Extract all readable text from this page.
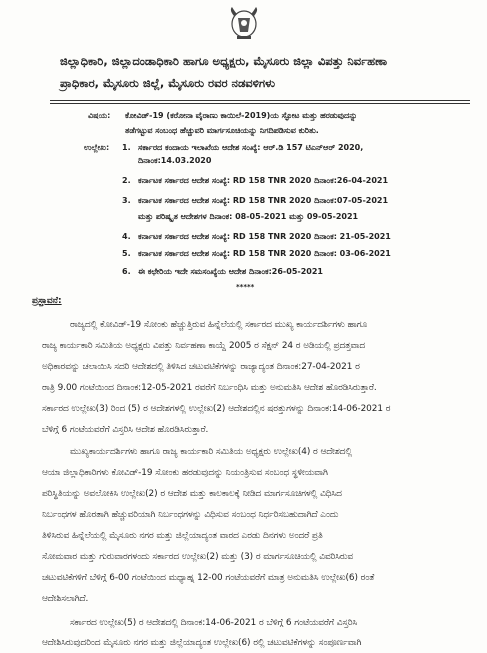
ಜಿಲ್ಲಾಧಿಕಾರಿ, ಜಿಲ್ಲಾದಂಡಾಧಿಕಾರಿ ಹಾಗೂ ಅಧ್ಯಕ್ಷರು, ಮೈಸೂರು ಜಿಲ್ಲಾ ವಿಪತ್ತು ನಿರ್ವಹಣಾ
ಪ್ರಾಧಿಕಾರ, ಮೈಸೂರು ಜಿಲ್ಲೆ, ಮೈಸೂರು ರವರ ನಡವಳಿಗಳು
ವಿಷಯ: ಕೋವಿಡ್-19 (ಕರೋನಾ ವೈರಾಣು ಕಾಯಿಲೆ-2019)ಯ ಸ್ಫೋಟ ಮತ್ತು ಹರಡುವುದನ್ನು
ತಡೆಗಟ್ಟುವ ಸಂಬಂಧ ಹೆಚ್ಚುವರಿ ಮಾರ್ಗಸೂಚಿಯನ್ನು ನಿಗದಿಪಡಿಸುವ ಕುರಿತು.
ಉಲ್ಲೇಖ: 1. ಸರ್ಕಾರದ ಕಂದಾಯ ಇಲಾಖೆಯ ಆದೇಶ ಸಂಖ್ಯೆ: ಆರ್.ಡಿ 157 ಟಿಎನ್ಆರ್ 2020,
ದಿನಾಂಕ:14.03.2020
2. ಕರ್ನಾಟಕ ಸರ್ಕಾರದ ಆದೇಶ ಸಂಖ್ಯೆ: RD 158 TNR 2020 ದಿನಾಂಕ:26-04-2021
3. ಕರ್ನಾಟಕ ಸರ್ಕಾರದ ಆದೇಶ ಸಂಖ್ಯೆ: RD 158 TNR 2020 ದಿನಾಂಕ:07-05-2021
ಮತ್ತು ಪರಿಷ್ಕೃತ ಆದೇಶಗಳ ದಿನಾಂಕ: 08-05-2021 ಮತ್ತು 09-05-2021
4. ಕರ್ನಾಟಕ ಸರ್ಕಾರದ ಆದೇಶ ಸಂಖ್ಯೆ: RD 158 TNR 2020 ದಿನಾಂಕ: 21-05-2021
5. ಕರ್ನಾಟಕ ಸರ್ಕಾರದ ಆದೇಶ ಸಂಖ್ಯೆ: RD 158 TNR 2020 ದಿನಾಂಕ: 03-06-2021
6. ಈ ಕಛೇರಿಯ ಇದೇ ಸಮಸಂಖ್ಯೆಯ ಆದೇಶ ದಿನಾಂಕ:26-05-2021
*****
ಪ್ರಸ್ತಾವನೆ:
ರಾಜ್ಯದಲ್ಲಿ ಕೋವಿಡ್-19 ಸೋಂಕು ಹೆಚ್ಚುತ್ತಿರುವ ಹಿನ್ನೆಲೆಯಲ್ಲಿ ಸರ್ಕಾರದ ಮುಖ್ಯ ಕಾರ್ಯದರ್ಶಿಗಳು ಹಾಗೂ
ರಾಜ್ಯ ಕಾರ್ಯಕಾರಿ ಸಮಿತಿಯ ಅಧ್ಯಕ್ಷರು ವಿಪತ್ತು ನಿರ್ವಹಣಾ ಕಾಯ್ದೆ 2005 ರ ಸೆಕ್ಷನ್ 24 ರ ಅಡಿಯಲ್ಲಿ ಪ್ರದತ್ತವಾದ
ಅಧಿಕಾರವನ್ನು ಚಲಾಯಿಸಿ ಸದರಿ ಆದೇಶದಲ್ಲಿ ತಿಳಿಸಿದ ಚಟುವಟಿಕೆಗಳನ್ನು ರಾಜ್ಯಾದ್ಯಂತ ದಿನಾಂಕ:27-04-2021 ರ
ರಾತ್ರಿ 9.00 ಗಂಟೆಯಿಂದ ದಿನಾಂಕ:12-05-2021 ರವರೆಗೆ ನಿರ್ಬಂಧಿಸಿ ಮತ್ತು ಅನುಮತಿಸಿ ಆದೇಶ ಹೊರಡಿಸಿರುತ್ತಾರೆ.
ಸರ್ಕಾರದ ಉಲ್ಲೇಖ(3) ರಿಂದ (5) ರ ಆದೇಶಗಳಲ್ಲಿ ಉಲ್ಲೇಖ(2) ಆದೇಶದಲ್ಲಿನ ಷರತ್ತುಗಳನ್ನು ದಿನಾಂಕ:14-06-2021 ರ
ಬೆಳಿಗ್ಗೆ 6 ಗಂಟೆಯವರೆಗೆ ವಿಸ್ತರಿಸಿ ಆದೇಶ ಹೊರಡಿಸಿರುತ್ತಾರೆ.
ಮುಖ್ಯಕಾರ್ಯದರ್ಶಿಗಳು ಹಾಗೂ ರಾಜ್ಯ ಕಾರ್ಯಕಾರಿ ಸಮಿತಿಯ ಅಧ್ಯಕ್ಷರು ಉಲ್ಲೇಖ(4) ರ ಆದೇಶದಲ್ಲಿ
ಆಯಾ ಜಿಲ್ಲಾಧಿಕಾರಿಗಳು ಕೋವಿಡ್-19 ಸೋಂಕು ಹರಡುವುದನ್ನು ನಿಯಂತ್ರಿಸುವ ಸಂಬಂಧ ಸ್ಥಳೀಯವಾಗಿ
ಪರಿಸ್ಥಿತಿಯನ್ನು ಅವಲೋಕಿಸಿ ಉಲ್ಲೇಖ(2) ರ ಆದೇಶ ಮತ್ತು ಕಾಲಕಾಲಕ್ಕೆ ನೀಡಿದ ಮಾರ್ಗಸೂಚಿಗಳಲ್ಲಿ ವಿಧಿಸಿದ
ನಿರ್ಬಂಧಗಳ ಹೊರತಾಗಿ ಹೆಚ್ಚುವರಿಯಾಗಿ ನಿರ್ಬಂಧಗಳನ್ನು ವಿಧಿಸುವ ಸಂಬಂಧ ನಿರ್ಧರಿಸಬಹುದಾಗಿದೆ ಎಂದು
ತಿಳಿಸಿರುವ ಹಿನ್ನೆಲೆಯಲ್ಲಿ ಮೈಸೂರು ನಗರ ಮತ್ತು ಜಿಲ್ಲೆಯಾದ್ಯಂತ ವಾರದ ಎರಡು ದಿನಗಳು ಅಂದರೆ ಪ್ರತಿ
ಸೋಮವಾರ ಮತ್ತು ಗುರುವಾರಗಳಂದು ಸರ್ಕಾರದ ಉಲ್ಲೇಖ(2) ಮತ್ತು (3) ರ ಮಾರ್ಗಸೂಚಿಯಲ್ಲಿ ವಿವರಿಸಿರುವ
ಚಟುವಟಿಕೆಗಳಿಗೆ ಬೆಳಿಗ್ಗೆ 6-00 ಗಂಟೆಯಿಂದ ಮಧ್ಯಾಹ್ನ 12-00 ಗಂಟೆಯವರೆಗೆ ಮಾತ್ರ ಅನುಮತಿಸಿ ಉಲ್ಲೇಖ(6) ರಂತೆ
ಆದೇಶಿಸಲಾಗಿದೆ.
ಸರ್ಕಾರದ ಉಲ್ಲೇಖ(5) ರ ಆದೇಶದಲ್ಲಿ ದಿನಾಂಕ:14-06-2021 ರ ಬೆಳಿಗ್ಗೆ 6 ಗಂಟೆಯವರೆಗೆ ವಿಸ್ತರಿಸಿ
ಆದೇಶಿಸಿರುವುದರಿಂದ ಮೈಸೂರು ನಗರ ಮತ್ತು ಜಿಲ್ಲೆಯಾದ್ಯಂತ ಉಲ್ಲೇಖ(6) ರಲ್ಲಿ ಚಟುವಟಿಕೆಗಳನ್ನು ಸಂಪೂರ್ಣವಾಗಿ
